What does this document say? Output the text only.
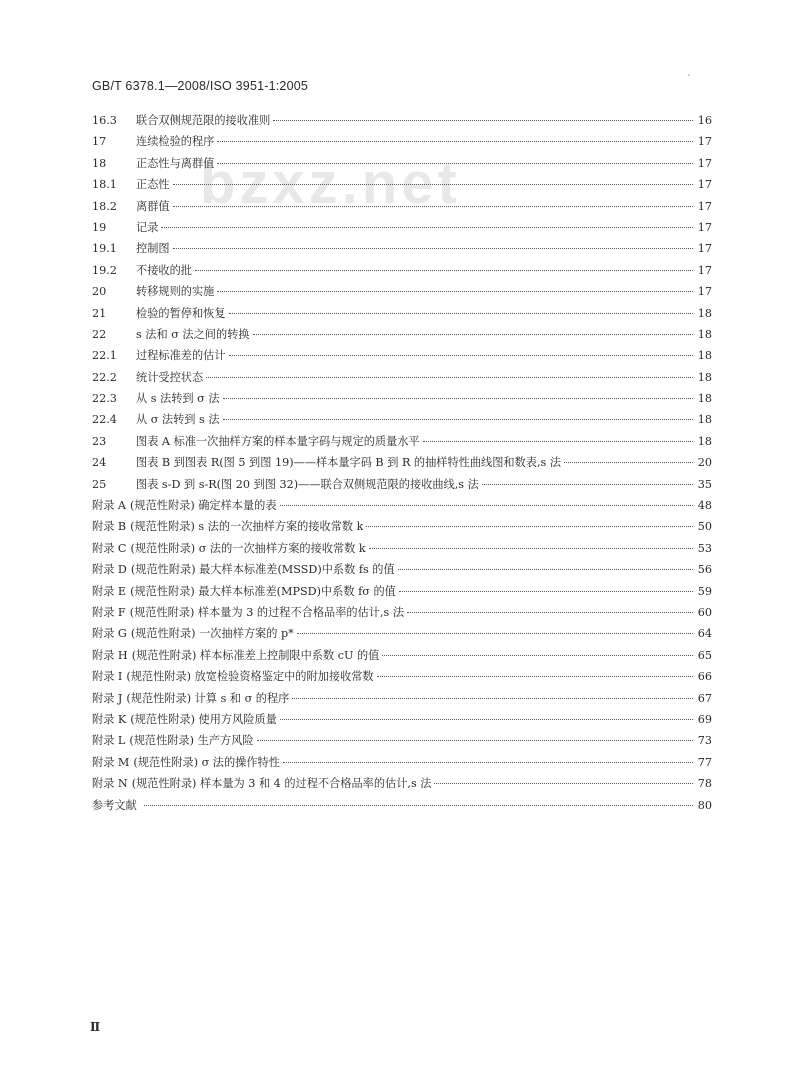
GB/T 6378.1—2008/ISO 3951-1:2005
bzxz.net
'
16.3	联合双侧规范限的接收准则	16
17	连续检验的程序	17
18	正态性与离群值	17
18.1	正态性	17
18.2	离群值	17
19	记录	17
19.1	控制图	17
19.2	不接收的批	17
20	转移规则的实施	17
21	检验的暂停和恢复	18
22	s 法和 σ 法之间的转换	18
22.1	过程标准差的估计	18
22.2	统计受控状态	18
22.3	从 s 法转到 σ 法	18
22.4	从 σ 法转到 s 法	18
23	图表 A 标准一次抽样方案的样本量字码与规定的质量水平	18
24	图表 B 到图表 R(图 5 到图 19)——样本量字码 B 到 R 的抽样特性曲线图和数表,s 法	20
25	图表 s-D 到 s-R(图 20 到图 32)——联合双侧规范限的接收曲线,s 法	35
附录 A (规范性附录) 确定样本量的表	48
附录 B (规范性附录) s 法的一次抽样方案的接收常数 k	50
附录 C (规范性附录) σ 法的一次抽样方案的接收常数 k	53
附录 D (规范性附录) 最大样本标准差(MSSD)中系数 fs 的值	56
附录 E (规范性附录) 最大样本标准差(MPSD)中系数 fσ 的值	59
附录 F (规范性附录) 样本量为 3 的过程不合格品率的估计,s 法	60
附录 G (规范性附录) 一次抽样方案的 p*	64
附录 H (规范性附录) 样本标准差上控制限中系数 cU 的值	65
附录 I (规范性附录) 放宽检验资格鉴定中的附加接收常数	66
附录 J (规范性附录) 计算 s 和 σ 的程序	67
附录 K (规范性附录) 使用方风险质量	69
附录 L (规范性附录) 生产方风险	73
附录 M (规范性附录) σ 法的操作特性	77
附录 N (规范性附录) 样本量为 3 和 4 的过程不合格品率的估计,s 法	78
参考文献	80
Ⅱ
